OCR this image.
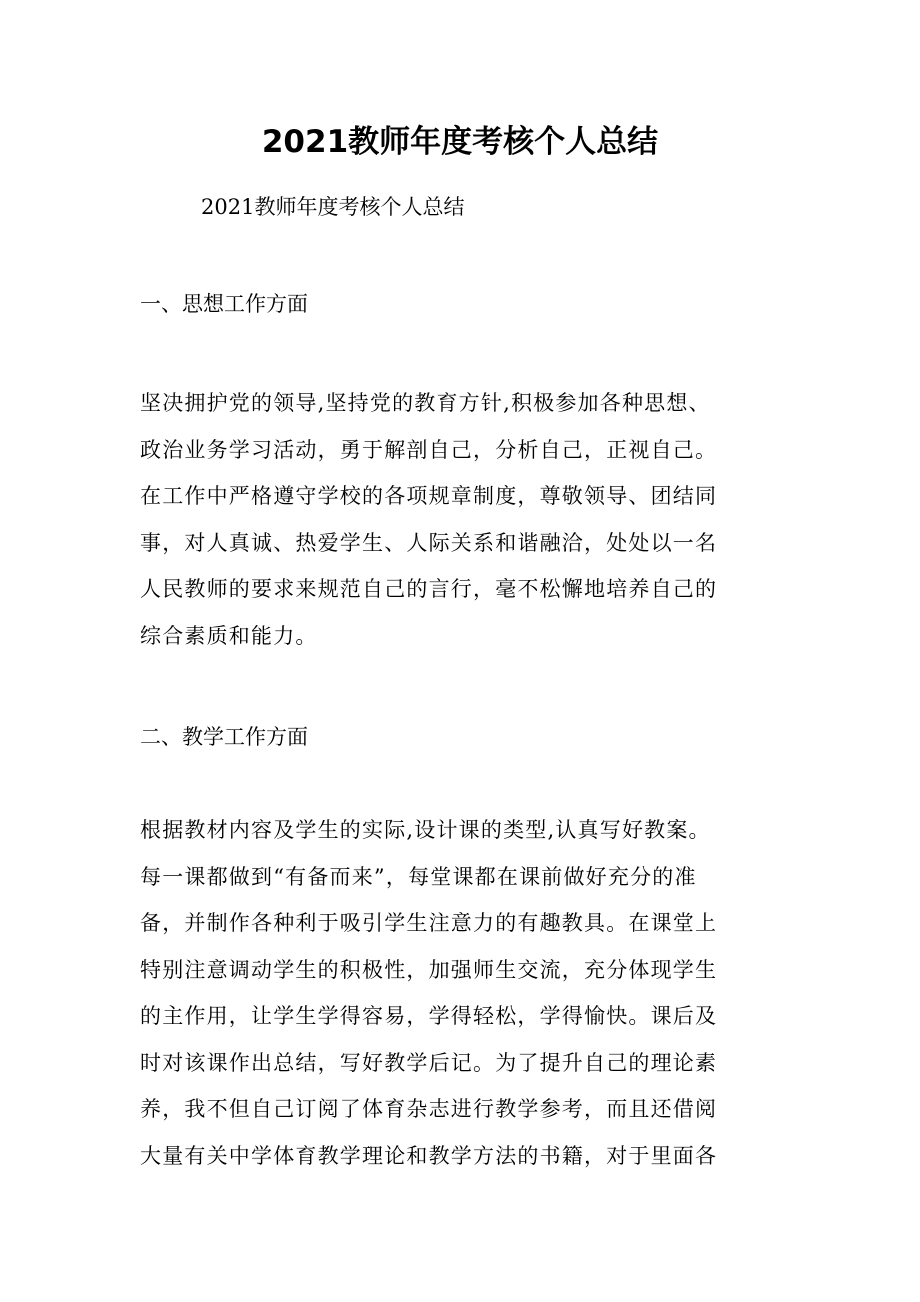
2021教师年度考核个人总结

2021教师年度考核个人总结

一、思想工作方面

坚决拥护党的领导,坚持党的教育方针,积极参加各种思想、
政治业务学习活动，勇于解剖自己，分析自己，正视自己。
在工作中严格遵守学校的各项规章制度，尊敬领导、团结同
事，对人真诚、热爱学生、人际关系和谐融洽，处处以一名
人民教师的要求来规范自己的言行，毫不松懈地培养自己的
综合素质和能力。

二、教学工作方面

根据教材内容及学生的实际,设计课的类型,认真写好教案。
每一课都做到“有备而来”，每堂课都在课前做好充分的准
备，并制作各种利于吸引学生注意力的有趣教具。在课堂上
特别注意调动学生的积极性，加强师生交流，充分体现学生
的主作用，让学生学得容易，学得轻松，学得愉快。课后及
时对该课作出总结，写好教学后记。为了提升自己的理论素
养，我不但自己订阅了体育杂志进行教学参考，而且还借阅
大量有关中学体育教学理论和教学方法的书籍，对于里面各
